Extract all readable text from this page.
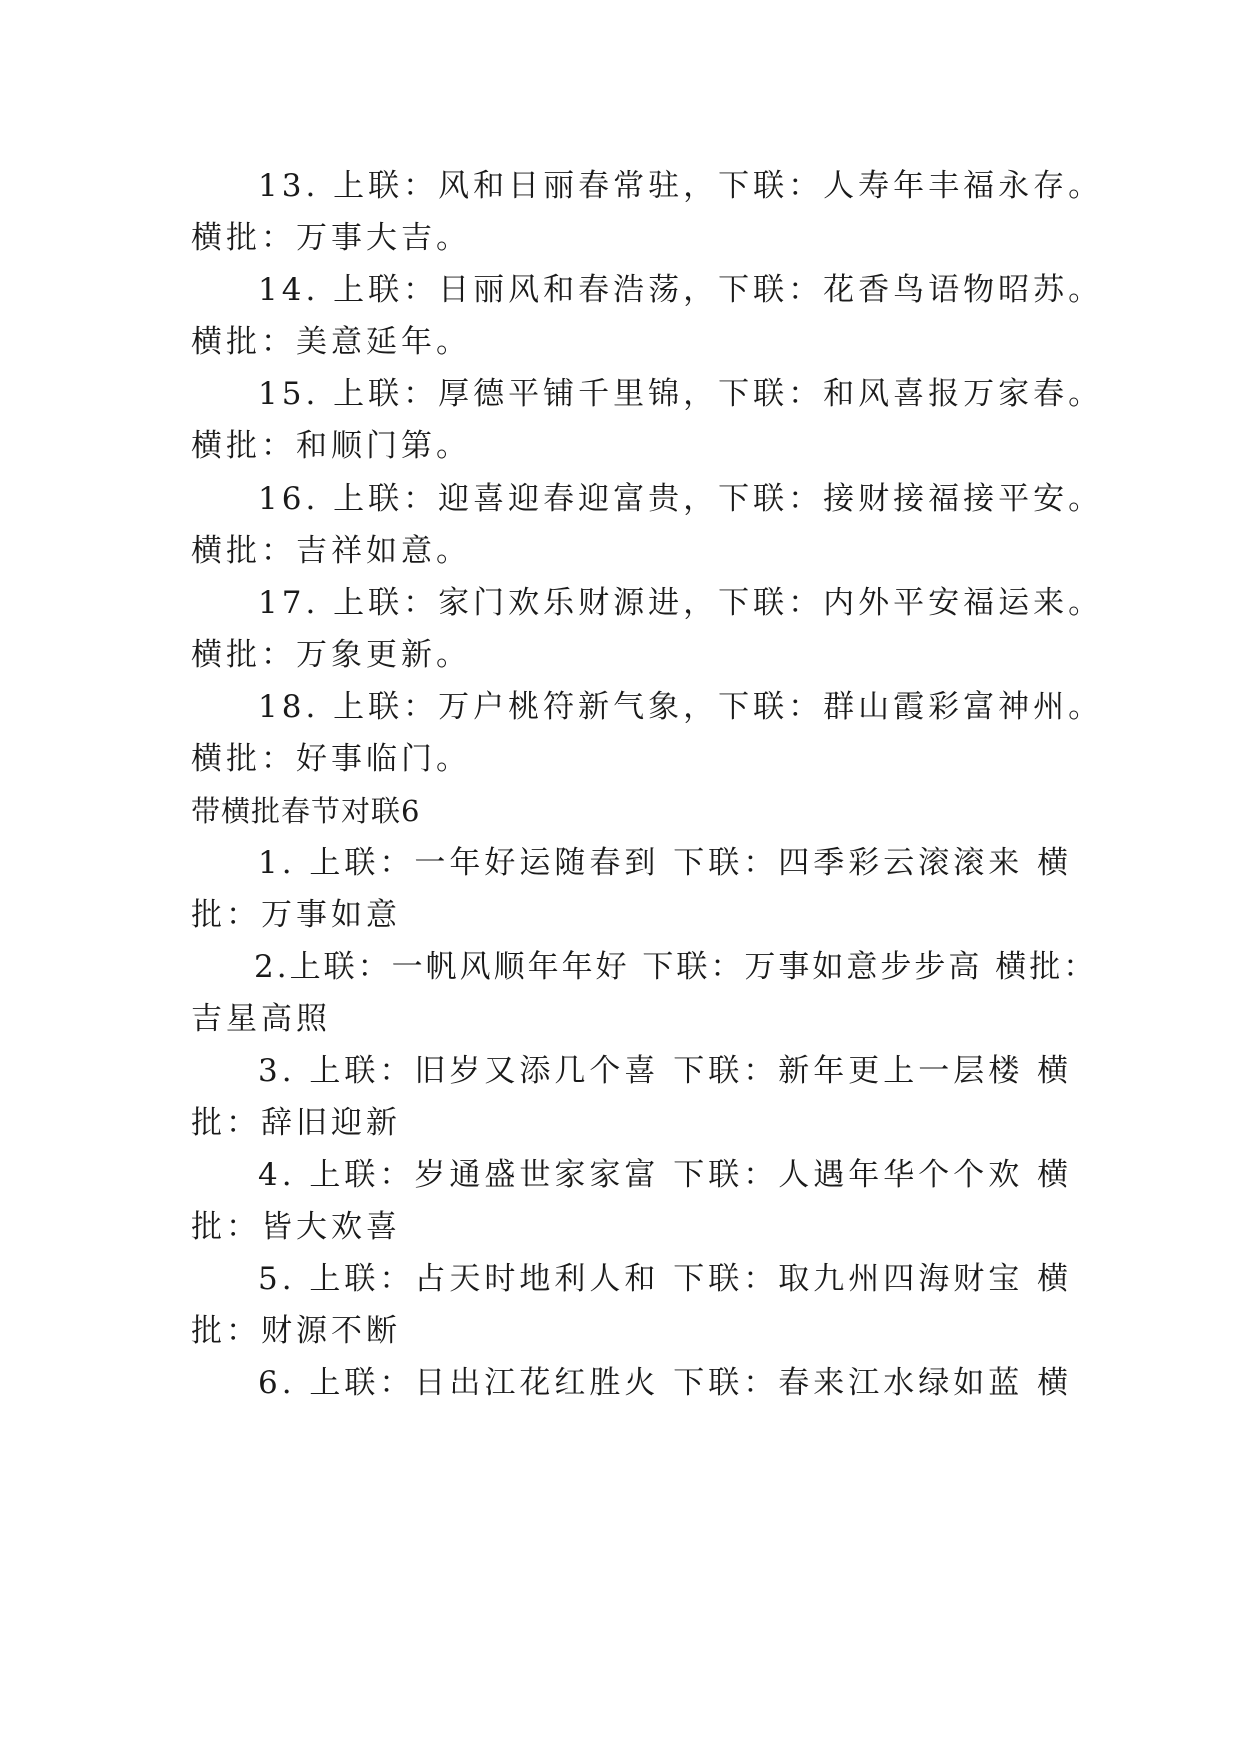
13. 上联：风和日丽春常驻，下联：人寿年丰福永存。
横批：万事大吉。
14. 上联：日丽风和春浩荡，下联：花香鸟语物昭苏。
横批：美意延年。
15. 上联：厚德平铺千里锦，下联：和风喜报万家春。
横批：和顺门第。
16. 上联：迎喜迎春迎富贵，下联：接财接福接平安。
横批：吉祥如意。
17. 上联：家门欢乐财源进，下联：内外平安福运来。
横批：万象更新。
18. 上联：万户桃符新气象，下联：群山霞彩富神州。
横批：好事临门。
带横批春节对联6
1. 上联：一年好运随春到 下联：四季彩云滚滚来 横
批：万事如意
2.上联：一帆风顺年年好 下联：万事如意步步高 横批：
吉星高照
3. 上联：旧岁又添几个喜 下联：新年更上一层楼 横
批：辞旧迎新
4. 上联：岁通盛世家家富 下联：人遇年华个个欢 横
批：皆大欢喜
5. 上联：占天时地利人和 下联：取九州四海财宝 横
批：财源不断
6. 上联：日出江花红胜火 下联：春来江水绿如蓝 横
